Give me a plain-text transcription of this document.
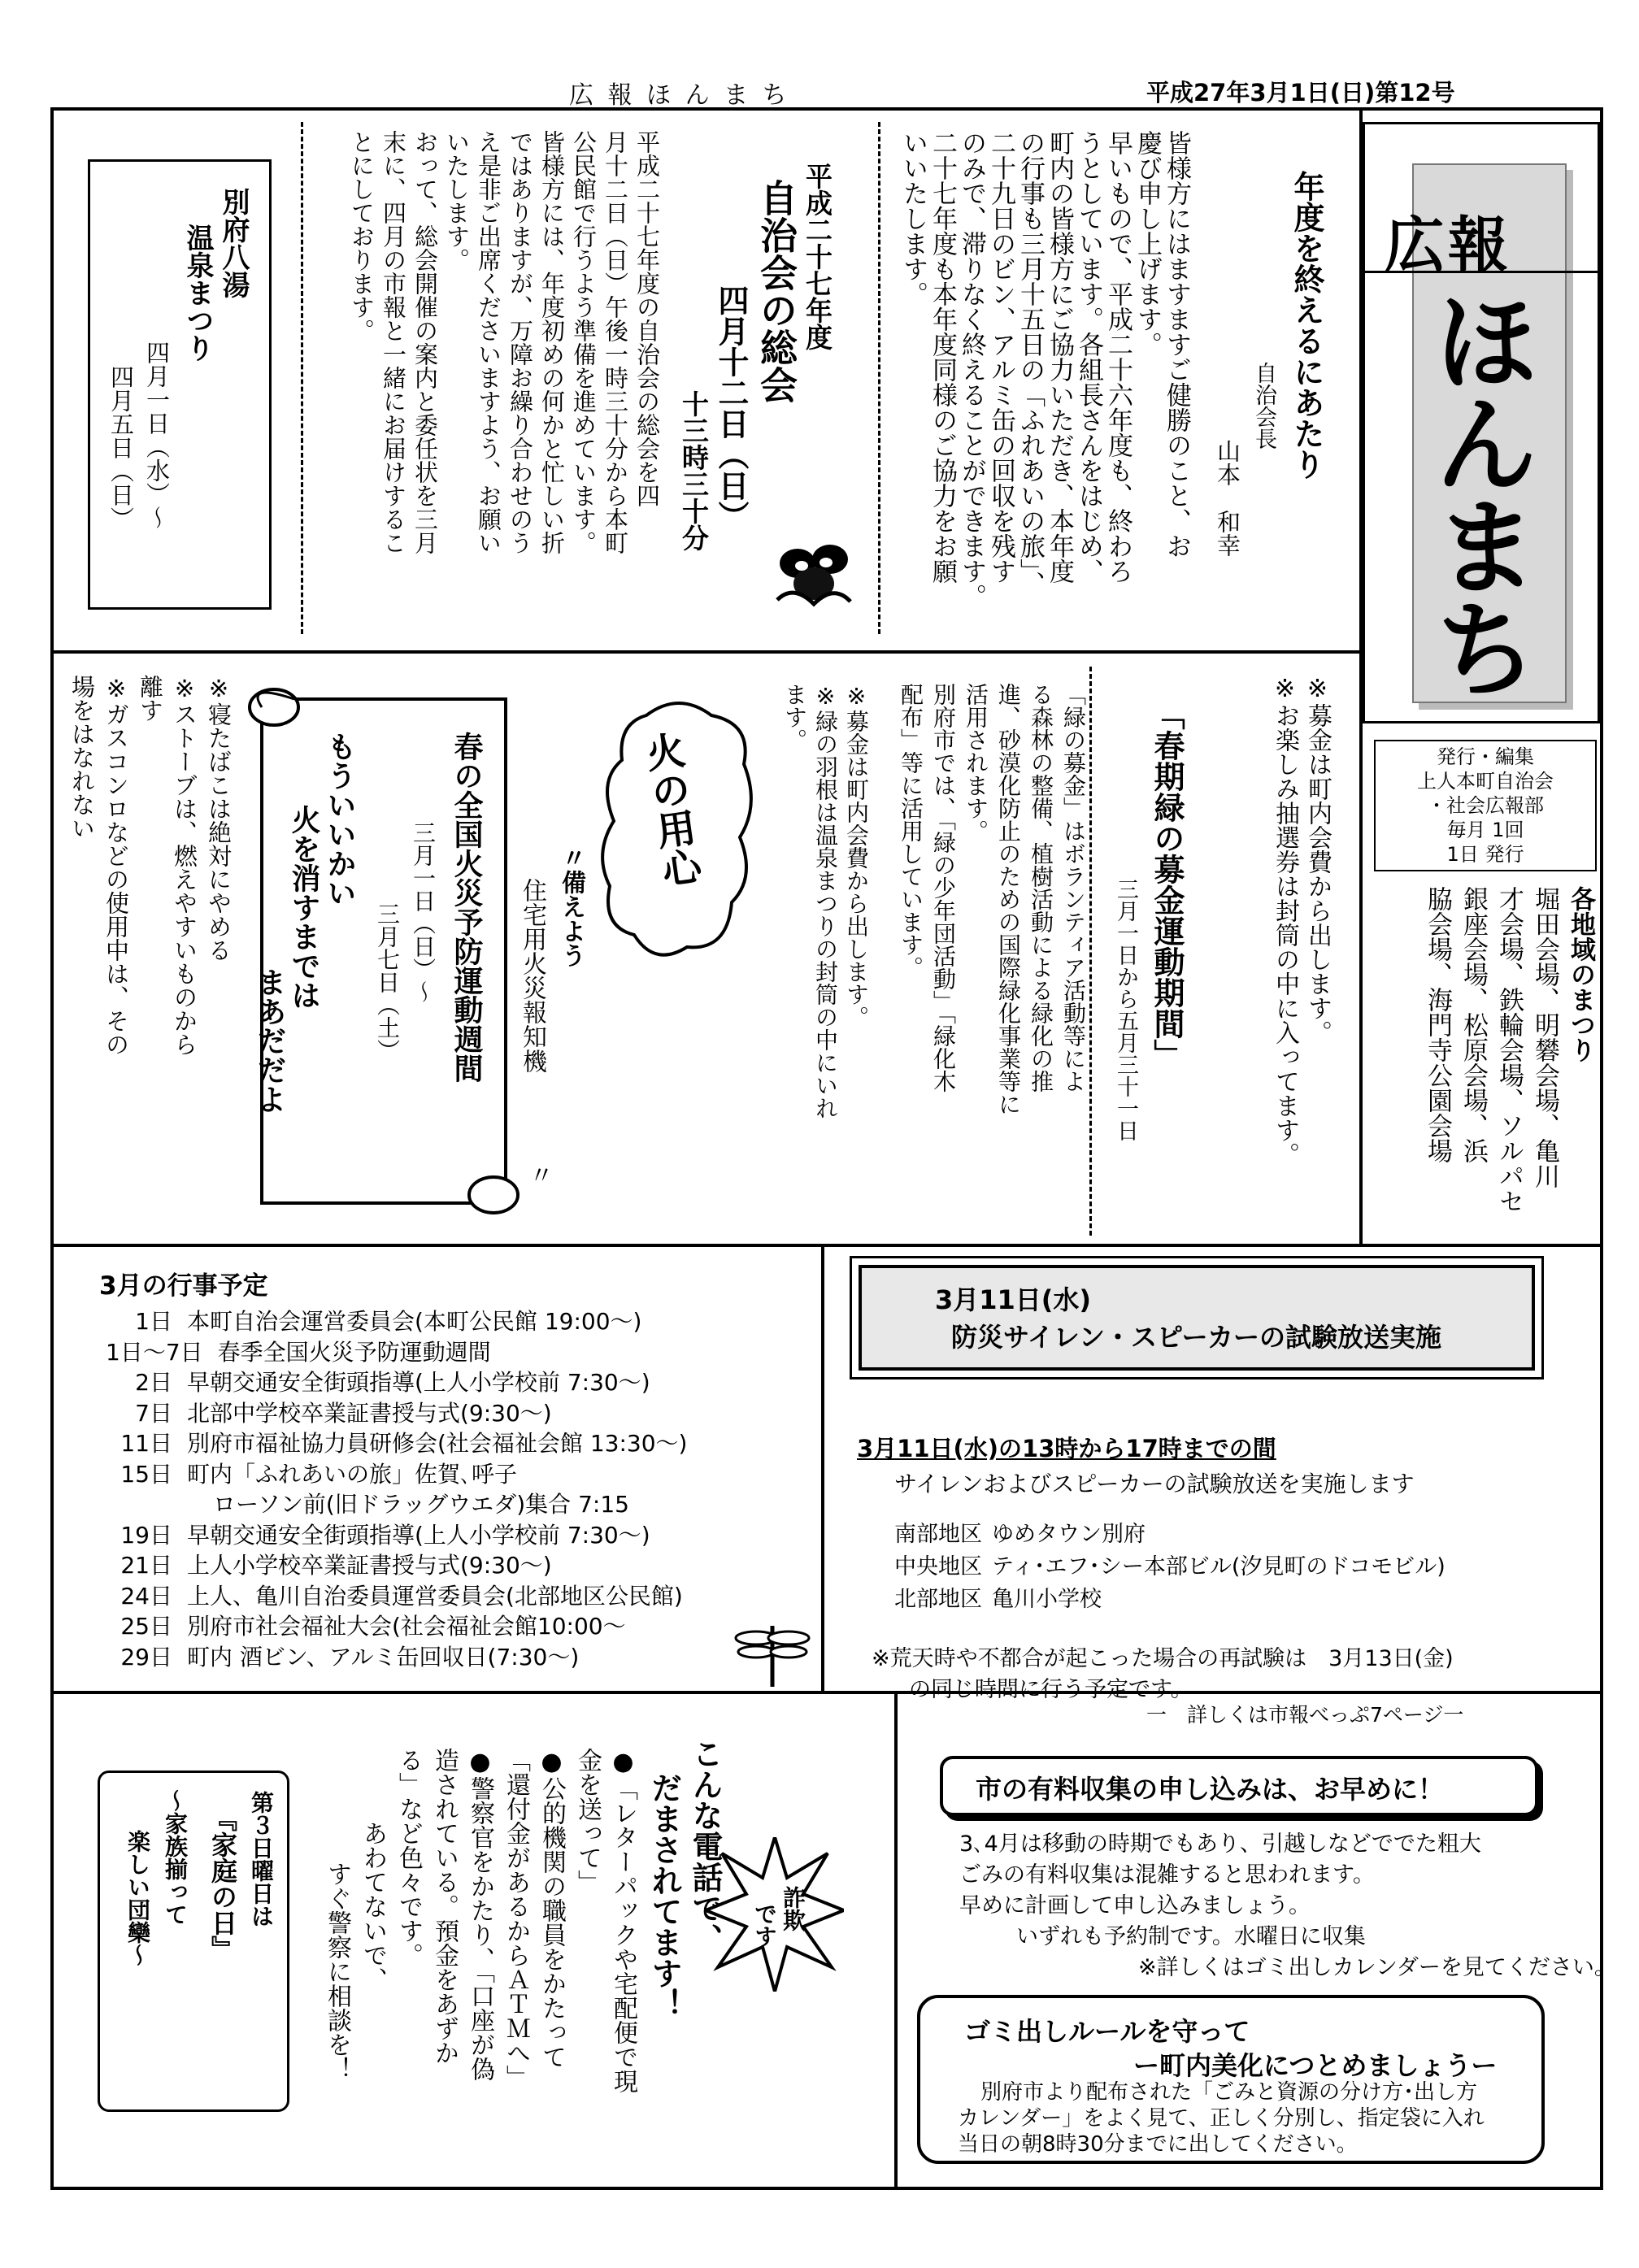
広 報 ほ ん ま ち	平成27年3月1日(日)第12号
広報
ほんまち
発行・編集
上人本町自治会
・社会広報部
毎月 1回
1日 発行
各地域のまつり
堀田会場、明礬会場、亀川
才会場、鉄輪会場、ソルパセ
銀座会場、松原会場、浜
脇会場、海門寺公園会場
年度を終えるにあたり
自治会長
山本　和幸
皆様方にはますますご健勝のこと、お
慶び申し上げます。
早いもので、平成二十六年度も、終わろ
うとしています。各組長さんをはじめ、
町内の皆様方にご協力いただき、本年度
の行事も三月十五日の「ふれあいの旅」、
二十九日のビン、アルミ缶の回収を残す
のみで、滞りなく終えることができます。
二十七年度も本年度同様のご協力をお願
いいたします。
平成二十七年度
自治会の総会
四月十二日（日）
十三時三十分
平成二十七年度の自治会の総会を四
月十二日（日）午後一時三十分から本町
公民館で行うよう準備を進めています。
皆様方には、年度初めの何かと忙しい折
ではありますが、万障お繰り合わせのう
え是非ご出席くださいますよう、お願い
いたします。
おって、総会開催の案内と委任状を三月
末に、四月の市報と一緒にお届けするこ
とにしております。
別府八湯
温泉まつり
四月一日（水）～
四月五日（日）
※募金は町内会費から出します。
※お楽しみ抽選券は封筒の中に入ってます。
「春期緑の募金運動期間」
三月一日から五月三十一日
「緑の募金」はボランティア活動等によ
る森林の整備、植樹活動による緑化の推
進、砂漠化防止のための国際緑化事業等に
活用されます。
別府市では、「緑の少年団活動」「緑化木
配布」等に活用しています。
※募金は町内会費から出します。
※緑の羽根は温泉まつりの封筒の中にいれ
ます。
火の用心
〃備えよう
住宅用火災報知機
〃
春の全国火災予防運動週間
三月一日（日）～
三月七日（土）
もういいかい
火を消すまでは
まあだだよ
※寝たばこは絶対にやめる
※ストーブは、燃えやすいものから
離す
※ガスコンロなどの使用中は、その
場をはなれない
3月の行事予定
1日 本町自治会運営委員会(本町公民館 19:00～)
1日～7日 春季全国火災予防運動週間
2日 早朝交通安全街頭指導(上人小学校前 7:30～)
7日 北部中学校卒業証書授与式(9:30～)
11日 別府市福祉協力員研修会(社会福祉会館 13:30～)
15日 町内「ふれあいの旅」佐賀､呼子
ローソン前(旧ドラッグウエダ)集合 7:15
19日 早朝交通安全街頭指導(上人小学校前 7:30～)
21日 上人小学校卒業証書授与式(9:30～)
24日 上人、亀川自治委員運営委員会(北部地区公民館)
25日 別府市社会福祉大会(社会福祉会館10:00～
29日 町内 酒ビン、アルミ缶回収日(7:30～)
3月11日(水)
防災サイレン・スピーカーの試験放送実施
3月11日(水)の13時から17時までの間
サイレンおよびスピーカーの試験放送を実施します
南部地区 ゆめタウン別府
中央地区 ティ･エフ･シー本部ビル(汐見町のドコモビル)
北部地区 亀川小学校
※荒天時や不都合が起こった場合の再試験は　3月13日(金)
の同じ時間に行う予定です。
一　詳しくは市報べっぷ7ページ一
第３日曜日は
『家庭の日』
～家族揃って
楽しい団欒～	こんな電話で、
だまされてます！	詐欺
です
●「レターパックや宅配便で現
金を送って」
●公的機関の職員をかたって
「還付金があるからＡＴＭへ」
●警察官をかたり、「口座が偽
造されている。預金をあずか
る」など色々です。
あわてないで、
すぐ警察に相談を！
市の有料収集の申し込みは、お早めに！
3､4月は移動の時期でもあり、引越しなどででた粗大
ごみの有料収集は混雑すると思われます。
早めに計画して申し込みましょう。
いずれも予約制です。水曜日に収集
※詳しくはゴミ出しカレンダーを見てください。
ゴミ出しルールを守って
ー町内美化につとめましょうー
別府市より配布された「ごみと資源の分け方･出し方
カレンダー」をよく見て、正しく分別し、指定袋に入れ
当日の朝8時30分までに出してください。
